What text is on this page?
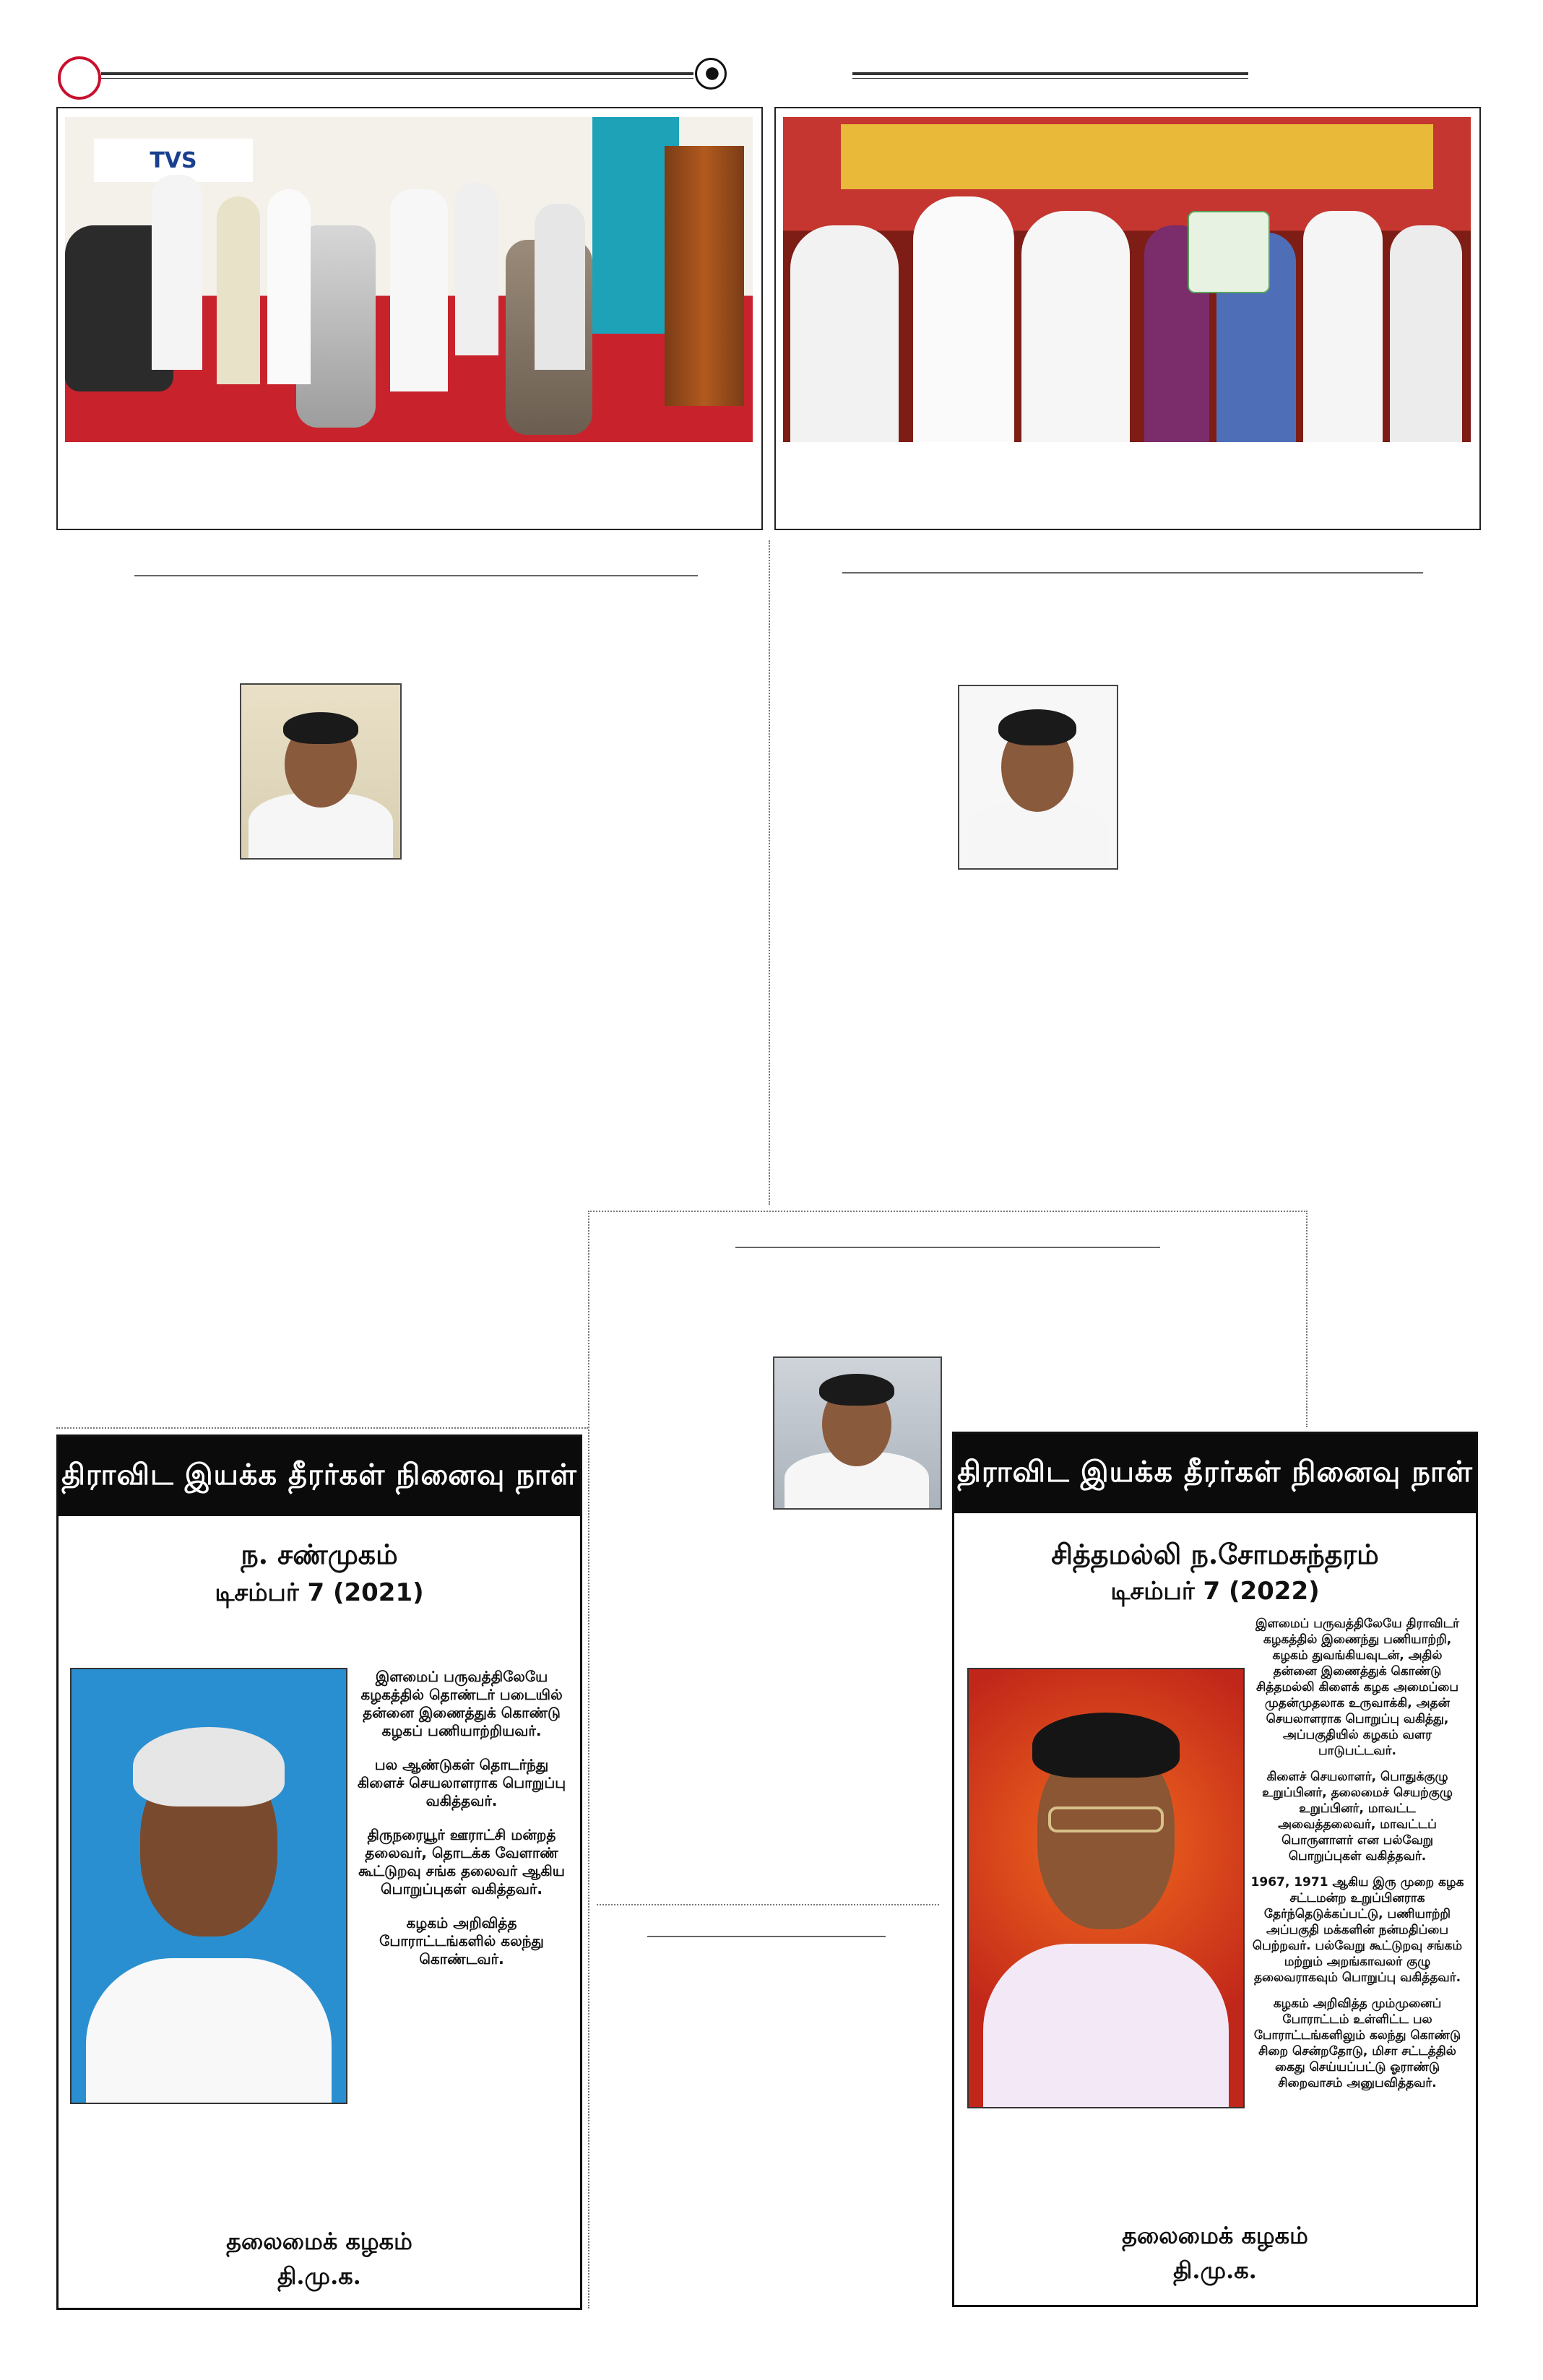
TVS
திராவிட இயக்க தீரர்கள் நினைவு நாள்
ந. சண்முகம்
டிசம்பர் 7 (2021)

இளமைப் பருவத்திலேயே கழகத்தில் தொண்டர் படையில் தன்னை இணைத்துக் கொண்டு கழகப் பணியாற்றியவர்.

பல ஆண்டுகள் தொடர்ந்து கிளைச் செயலாளராக பொறுப்பு வகித்தவர்.

திருநரையூர் ஊராட்சி மன்றத் தலைவர், தொடக்க வேளாண் கூட்டுறவு சங்க தலைவர் ஆகிய பொறுப்புகள் வகித்தவர்.

கழகம் அறிவித்த போராட்டங்களில் கலந்து கொண்டவர்.

தலைமைக் கழகம்
தி.மு.க.
திராவிட இயக்க தீரர்கள் நினைவு நாள்
சித்தமல்லி ந.சோமசுந்தரம்
டிசம்பர் 7 (2022)

இளமைப் பருவத்திலேயே திராவிடர் கழகத்தில் இணைந்து பணியாற்றி, கழகம் துவங்கியவுடன், அதில் தன்னை இணைத்துக் கொண்டு சித்தமல்லி கிளைக் கழக அமைப்பை முதன்முதலாக உருவாக்கி, அதன் செயலாளராக பொறுப்பு வகித்து, அப்பகுதியில் கழகம் வளர பாடுபட்டவர்.

கிளைச் செயலாளர், பொதுக்குழு உறுப்பினர், தலைமைச் செயற்குழு உறுப்பினர், மாவட்ட அவைத்தலைவர், மாவட்டப் பொருளாளர் என பல்வேறு பொறுப்புகள் வகித்தவர்.

1967, 1971 ஆகிய இரு முறை கழக சட்டமன்ற உறுப்பினராக தேர்ந்தெடுக்கப்பட்டு, பணியாற்றி அப்பகுதி மக்களின் நன்மதிப்பை பெற்றவர். பல்வேறு கூட்டுறவு சங்கம் மற்றும் அறங்காவலர் குழு தலைவராகவும் பொறுப்பு வகித்தவர்.

கழகம் அறிவித்த மும்முனைப் போராட்டம் உள்ளிட்ட பல போராட்டங்களிலும் கலந்து கொண்டு சிறை சென்றதோடு, மிசா சட்டத்தில் கைது செய்யப்பட்டு ஓராண்டு சிறைவாசம் அனுபவித்தவர்.

தலைமைக் கழகம்
தி.மு.க.
